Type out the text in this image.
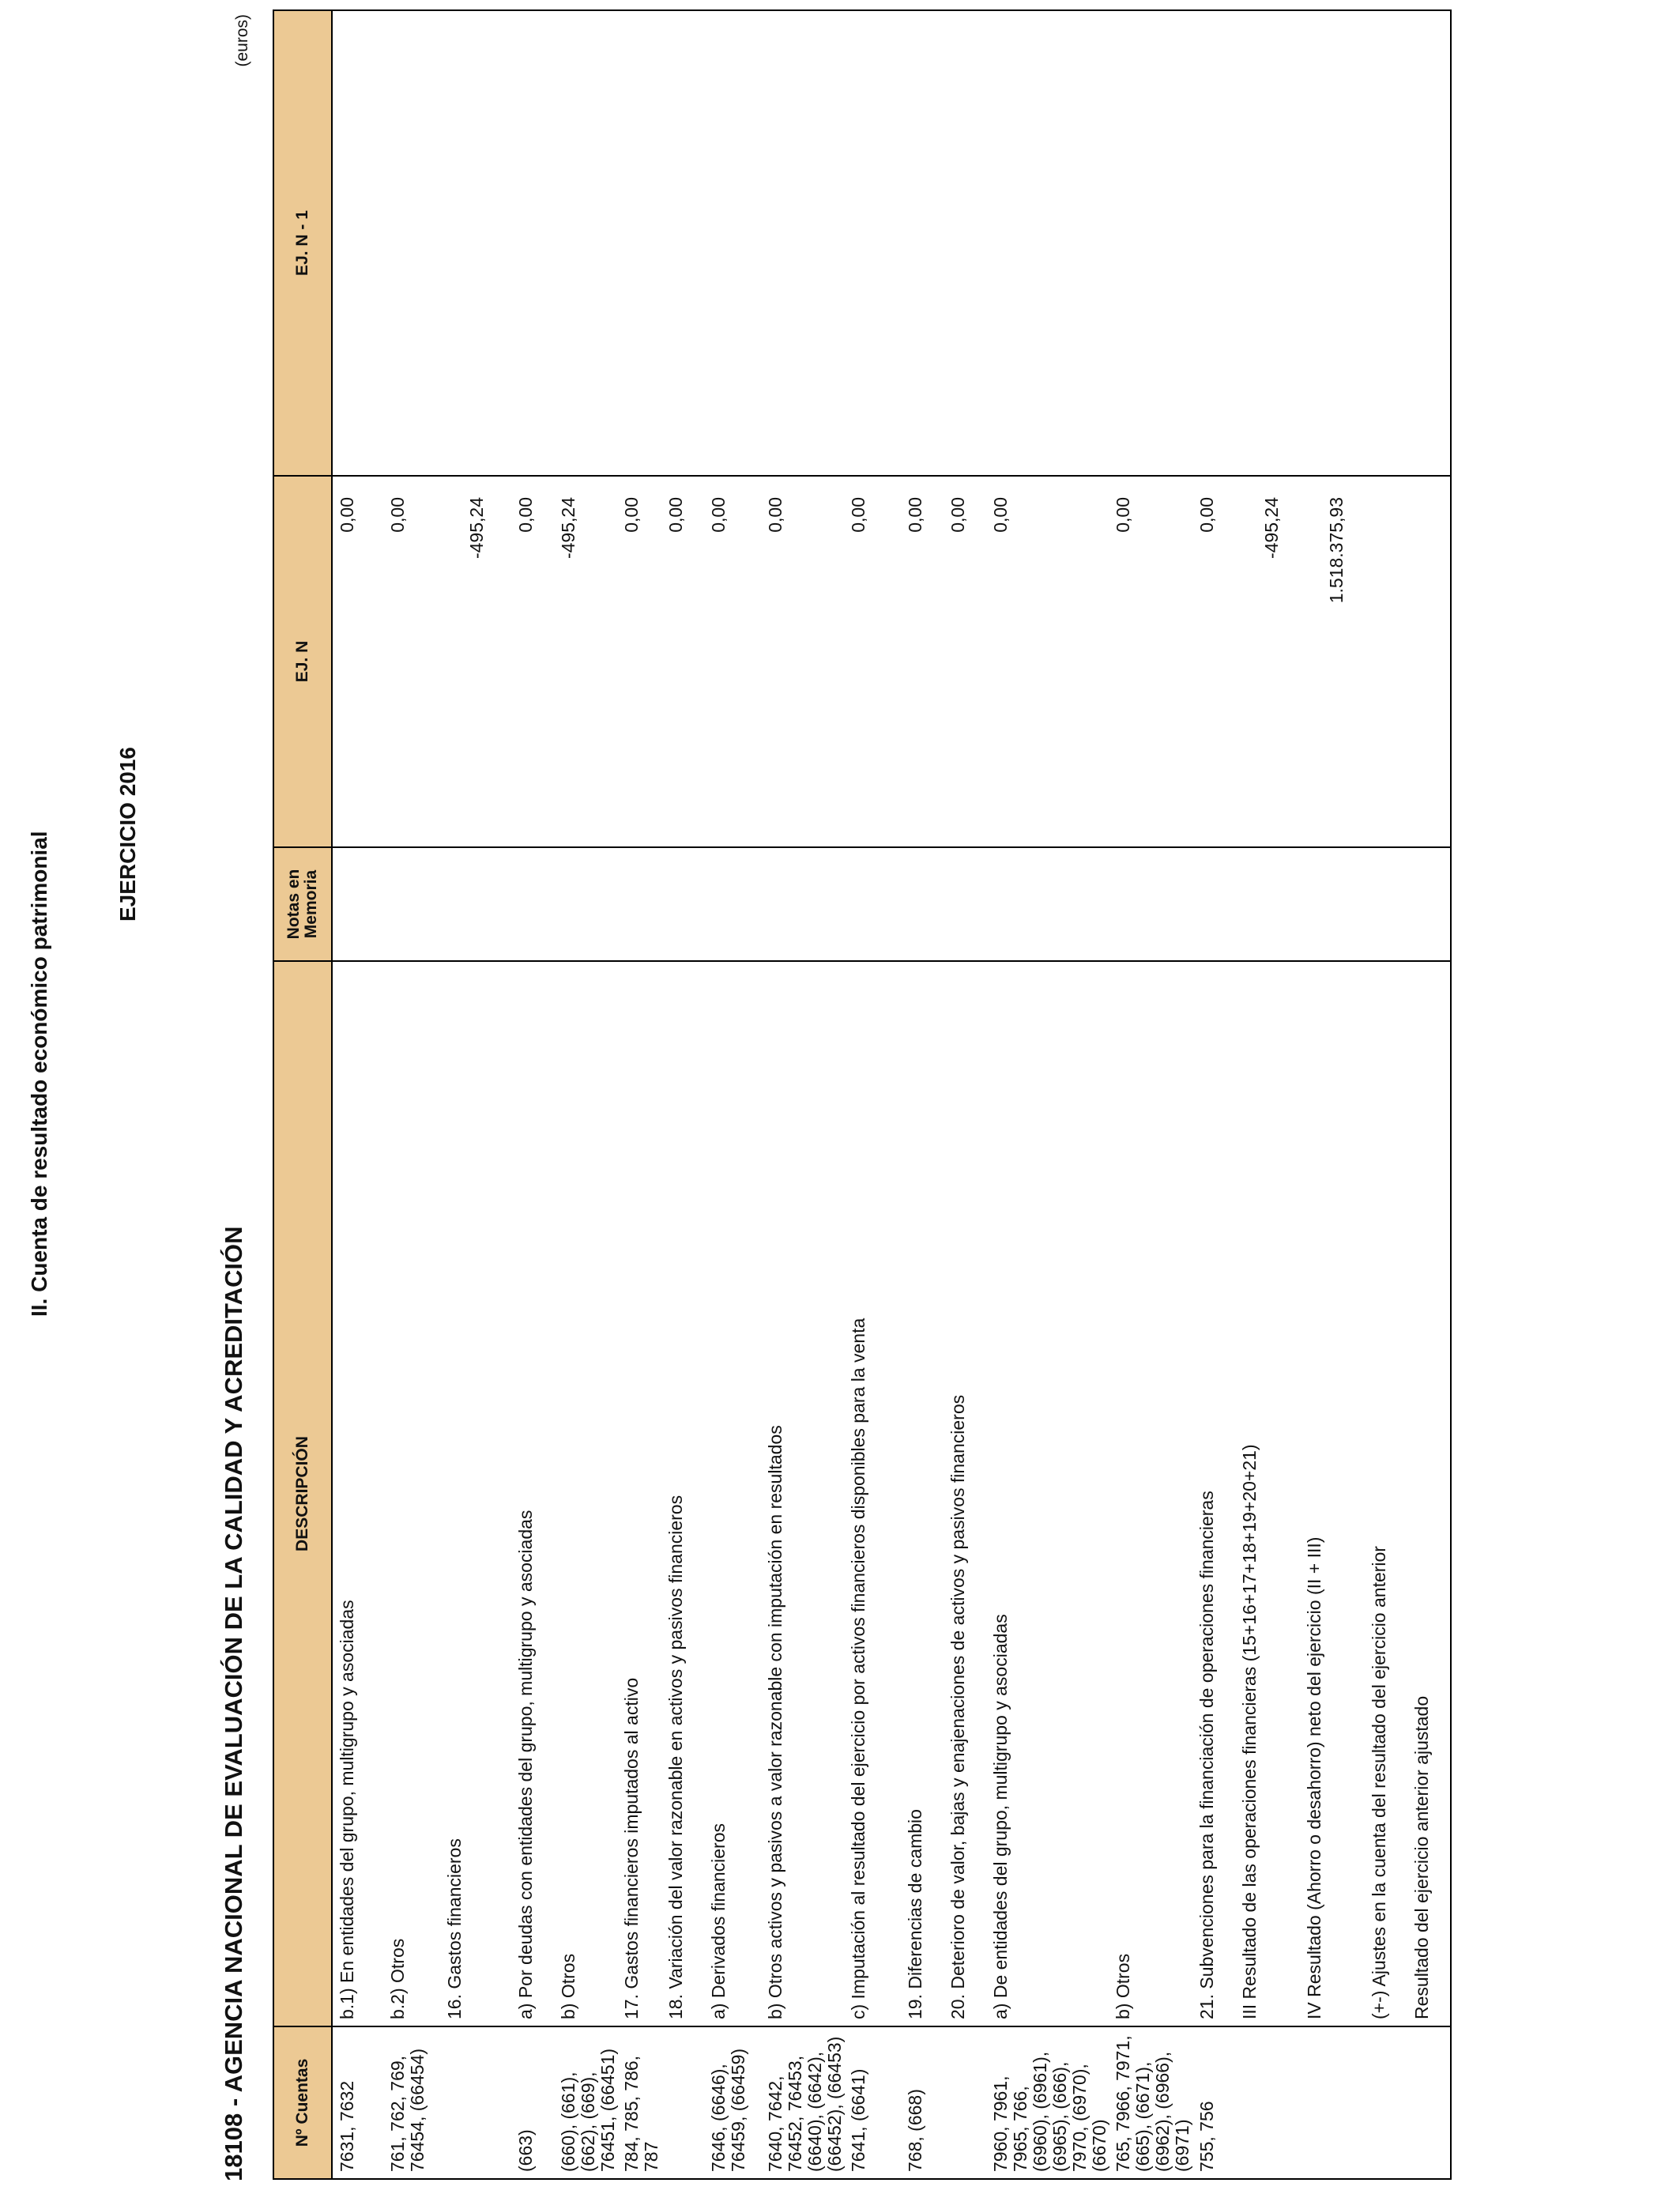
II. Cuenta de resultado económico patrimonial	EJERCICIO 2016
18108 - AGENCIA NACIONAL DE EVALUACIÓN DE LA CALIDAD Y ACREDITACIÓN
(euros)
Nº Cuentas	DESCRIPCIÓN	Notas en Memoria	EJ. N	EJ. N - 1
7631, 7632	b.1) En entidades del grupo, multigrupo y asociadas		0,00	
761, 762, 769, 76454, (66454)	b.2) Otros		0,00	
	16. Gastos financieros		-495,24	
(663)	a) Por deudas con entidades del grupo, multigrupo y asociadas		0,00	
(660), (661), (662), (669), 76451, (66451)	b) Otros		-495,24	
784, 785, 786, 787	17. Gastos financieros imputados al activo		0,00	
	18. Variación del valor razonable en activos y pasivos financieros		0,00	
7646, (6646), 76459, (66459)	a) Derivados financieros		0,00	
7640, 7642, 76452, 76453, (6640), (6642), (66452), (66453)	b) Otros activos y pasivos a valor razonable con imputación en resultados		0,00	
7641, (6641)	c) Imputación al resultado del ejercicio por activos financieros disponibles para la venta		0,00	
768, (668)	19. Diferencias de cambio		0,00	
	20. Deterioro de valor, bajas y enajenaciones de activos y pasivos financieros		0,00	
7960, 7961, 7965, 766, (6960), (6961), (6965), (666), 7970, (6970), (6670)	a) De entidades del grupo, multigrupo y asociadas		0,00	
765, 7966, 7971, (665), (6671), (6962), (6966), (6971)	b) Otros		0,00	
755, 756	21. Subvenciones para la financiación de operaciones financieras		0,00	
	III Resultado de las operaciones financieras (15+16+17+18+19+20+21)		-495,24	
	IV Resultado (Ahorro o desahorro) neto del ejercicio (II + III)		1.518.375,93	
	(+-) Ajustes en la cuenta del resultado del ejercicio anterior			
	Resultado del ejercicio anterior ajustado			
